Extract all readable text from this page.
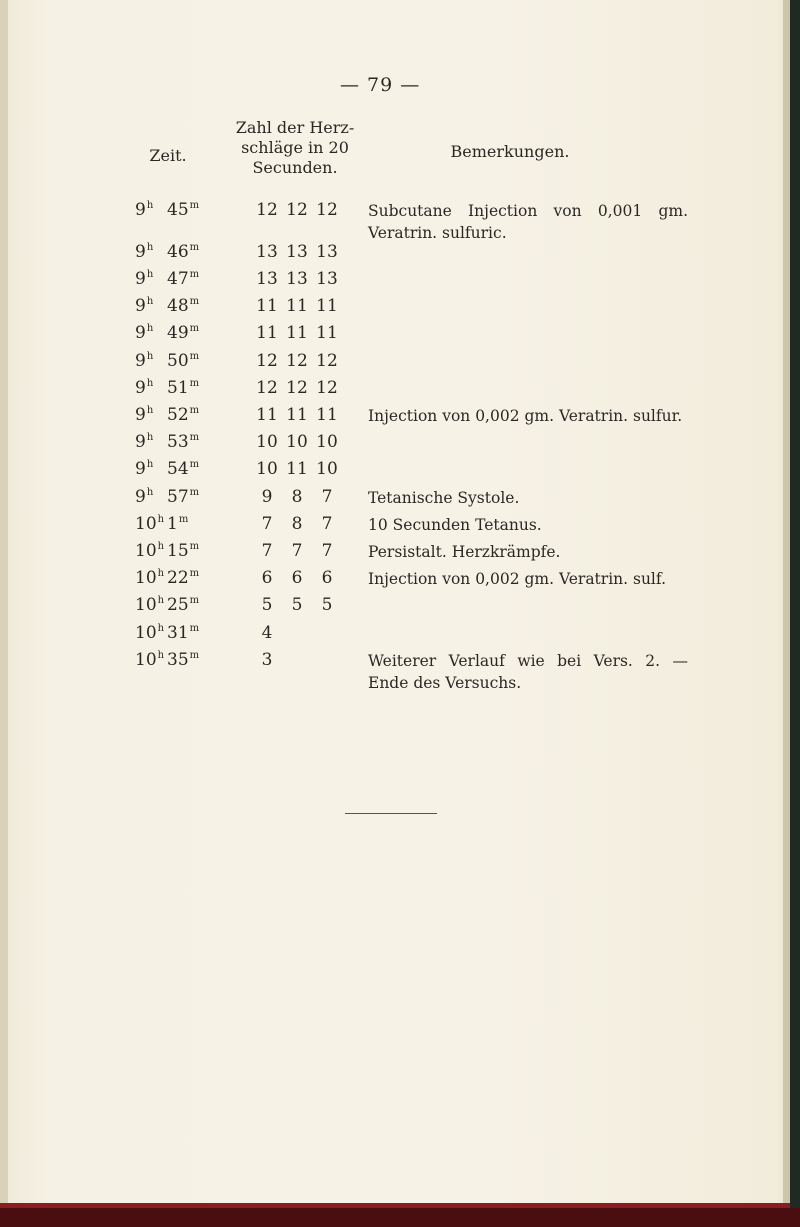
— 79 —
Zeit.
Zahl der Herz-
schläge in 20
Secunden.
Bemerkungen.
9$^h$ 45$^m$	12 12 12 Subcutane Injection von 0,001 gm.
Veratrin. sulfuric.
9$^h$ 46$^m$	13 13 13
9$^h$ 47$^m$	13 13 13
9$^h$ 48$^m$	11 11 11
9$^h$ 49$^m$	11 11 11
9$^h$ 50$^m$	12 12 12
9$^h$ 51$^m$	12 12 12
9$^h$ 52$^m$	11 11 11 Injection von 0,002 gm. Veratrin. sulfur.
9$^h$ 53$^m$	10 10 10
9$^h$ 54$^m$	10 11 10
9$^h$ 57$^m$	9	8	7	Tetanische Systole.
10$^h$ 1$^m$	7	8	7	10 Secunden Tetanus.
10$^h$ 15$^m$	7	7	7	Persistalt. Herzkrämpfe.
10$^h$ 22$^m$	6	6	6	Injection von 0,002 gm. Veratrin. sulf.
10$^h$ 25$^m$	5	5	5
10$^h$ 31$^m$	4
10$^h$ 35$^m$	3	Weiterer Verlauf wie bei Vers. 2. —
Ende des Versuchs.
